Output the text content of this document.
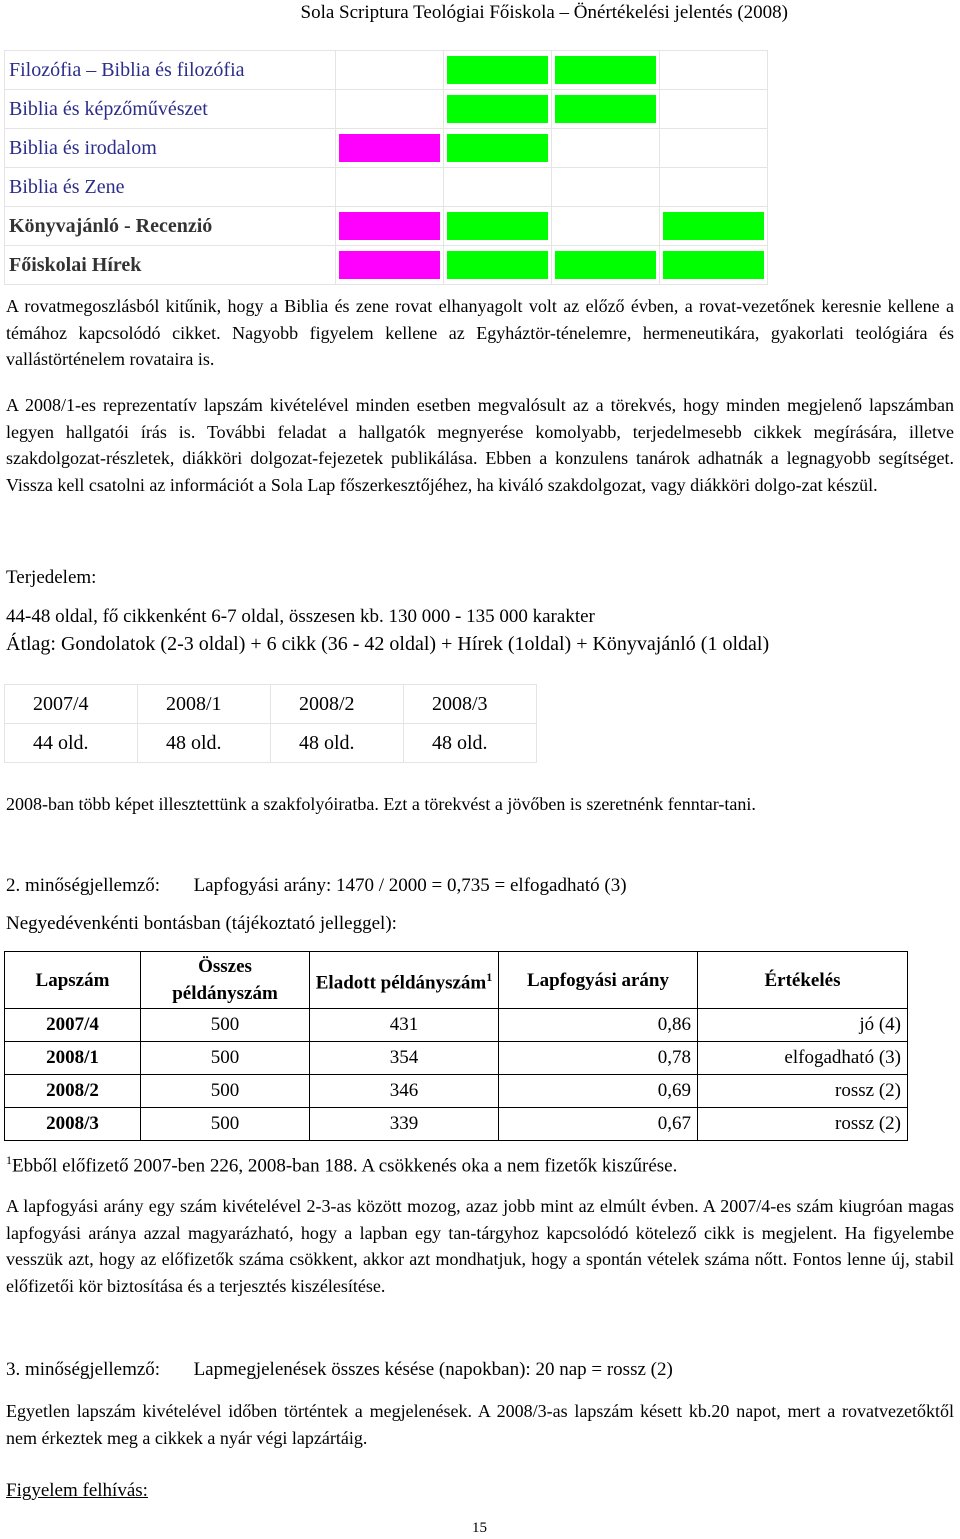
Sola Scriptura Teológiai Főiskola – Önértékelési jelentés (2008)
Filozófia – Biblia és filozófia		

Biblia és képzőművészet		

Biblia és irodalom	

Biblia és Zene				
Könyvajánló - Recenzió	

Főiskolai Hírek	

A rovatmegoszlásból kitűnik, hogy a Biblia és zene rovat elhanyagolt volt az előző évben, a rovat-vezetőnek keresnie kellene a témához kapcsolódó cikket. Nagyobb figyelem kellene az Egyháztör-ténelemre, hermeneutikára, gyakorlati teológiára és vallástörténelem rovataira is.
A 2008/1-es reprezentatív lapszám kivételével minden esetben megvalósult az a törekvés, hogy minden megjelenő lapszámban legyen hallgatói írás is. További feladat a hallgatók megnyerése komolyabb, terjedelmesebb cikkek megírására, illetve szakdolgozat-részletek, diákköri dolgozat-fejezetek publikálása. Ebben a konzulens tanárok adhatnák a legnagyobb segítséget. Vissza kell csatolni az információt a Sola Lap főszerkesztőjéhez, ha kiváló szakdolgozat, vagy diákköri dolgo-zat készül.
Terjedelem:
44-48 oldal, fő cikkenként 6-7 oldal, összesen kb. 130 000 - 135 000 karakter
Átlag: Gondolatok (2-3 oldal) + 6 cikk (36 - 42 oldal) + Hírek (1oldal) + Könyvajánló (1 oldal)
2007/4	2008/1	2008/2	2008/3
44 old.	48 old.	48 old.	48 old.
2008-ban több képet illesztettünk a szakfolyóiratba. Ezt a törekvést a jövőben is szeretnénk fenntar-tani.
2. minőségjellemző: Lapfogyási arány: 1470 / 2000 = 0,735 = elfogadható (3)
Negyedévenkénti bontásban (tájékoztató jelleggel):
Lapszám	Összes példányszám	Eladott példányszám$^1$	Lapfogyási arány	Értékelés
2007/4	500	431	0,86	jó (4)
2008/1	500	354	0,78	elfogadható (3)
2008/2	500	346	0,69	rossz (2)
2008/3	500	339	0,67	rossz (2)
$^1$Ebből előfizető 2007-ben 226, 2008-ban 188. A csökkenés oka a nem fizetők kiszűrése.
A lapfogyási arány egy szám kivételével 2-3-as között mozog, azaz jobb mint az elmúlt évben. A 2007/4-es szám kiugróan magas lapfogyási arányа azzal magyarázható, hogy a lapban egy tan-tárgyhoz kapcsolódó kötelező cikk is megjelent. Ha figyelembe vesszük azt, hogy az előfizetők száma csökkent, akkor azt mondhatjuk, hogy a spontán vételek száma nőtt. Fontos lenne új, stabil előfizetői kör biztosítása és a terjesztés kiszélesítése.
3. minőségjellemző: Lapmegjelenések összes késése (napokban): 20 nap = rossz (2)
Egyetlen lapszám kivételével időben történtek a megjelenések. A 2008/3-as lapszám késett kb.20 napot, mert a rovatvezetőktől nem érkeztek meg a cikkek a nyár végi lapzártáig.
Figyelem felhívás:
15
